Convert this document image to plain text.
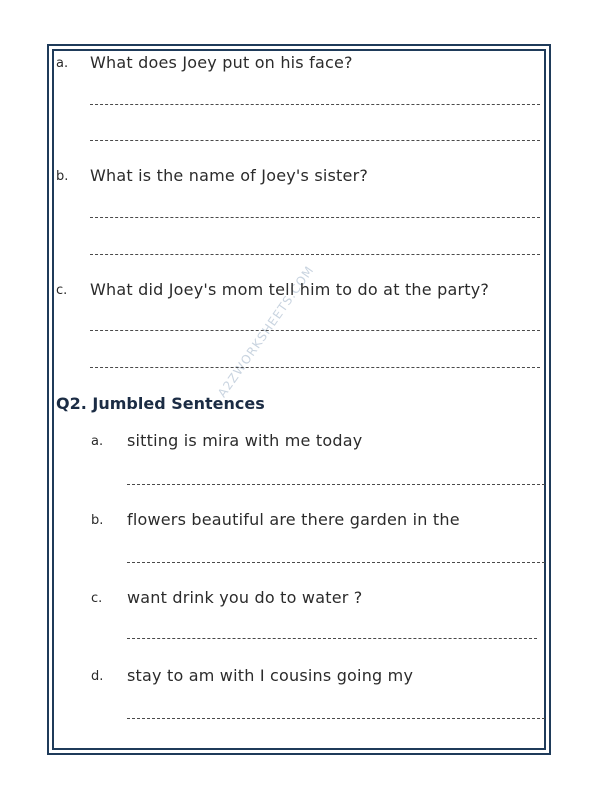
A2ZWORKSHEETS.COM
a. What does Joey put on his face?
b. What is the name of Joey's sister?
c. What did Joey's mom tell him to do at the party?
Q2. Jumbled Sentences
a. sitting is mira with me today
b. flowers beautiful are there garden in the
c. want drink you do to water ?
d. stay to am with I cousins going my
